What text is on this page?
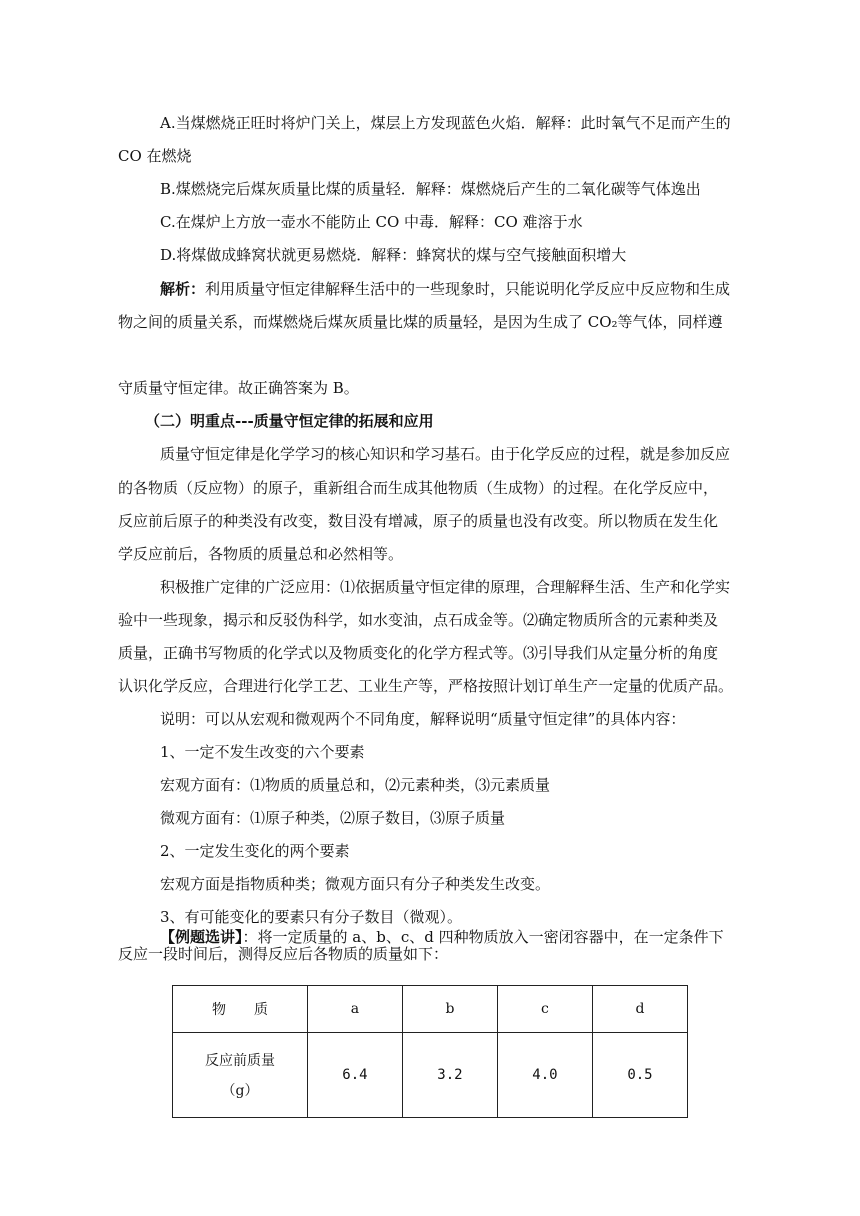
A.当煤燃烧正旺时将炉门关上，煤层上方发现蓝色火焰．解释：此时氧气不足而产生的

CO 在燃烧

B.煤燃烧完后煤灰质量比煤的质量轻．解释：煤燃烧后产生的二氧化碳等气体逸出

C.在煤炉上方放一壶水不能防止 CO 中毒．解释：CO 难溶于水

D.将煤做成蜂窝状就更易燃烧．解释：蜂窝状的煤与空气接触面积增大

解析：利用质量守恒定律解释生活中的一些现象时，只能说明化学反应中反应物和生成

物之间的质量关系，而煤燃烧后煤灰质量比煤的质量轻，是因为生成了 CO₂等气体，同样遵

守质量守恒定律。故正确答案为 B。

（二）明重点---质量守恒定律的拓展和应用

质量守恒定律是化学学习的核心知识和学习基石。由于化学反应的过程，就是参加反应

的各物质（反应物）的原子，重新组合而生成其他物质（生成物）的过程。在化学反应中，

反应前后原子的种类没有改变，数目没有增减，原子的质量也没有改变。所以物质在发生化

学反应前后，各物质的质量总和必然相等。

积极推广定律的广泛应用：⑴依据质量守恒定律的原理，合理解释生活、生产和化学实

验中一些现象，揭示和反驳伪科学，如水变油，点石成金等。⑵确定物质所含的元素种类及

质量，正确书写物质的化学式以及物质变化的化学方程式等。⑶引导我们从定量分析的角度

认识化学反应，合理进行化学工艺、工业生产等，严格按照计划订单生产一定量的优质产品。

说明：可以从宏观和微观两个不同角度，解释说明“质量守恒定律”的具体内容：

1、一定不发生改变的六个要素

宏观方面有：⑴物质的质量总和，⑵元素种类，⑶元素质量

微观方面有：⑴原子种类，⑵原子数目，⑶原子质量

2、一定发生变化的两个要素

宏观方面是指物质种类；微观方面只有分子种类发生改变。

3、有可能变化的要素只有分子数目（微观）。

【例题选讲】：将一定质量的 a、b、c、d 四种物质放入一密闭容器中，在一定条件下

反应一段时间后，测得反应后各物质的质量如下：

物　　质	a	b	c	d

反应前质量
（g）	6.4	3.2	4.0	0.5
